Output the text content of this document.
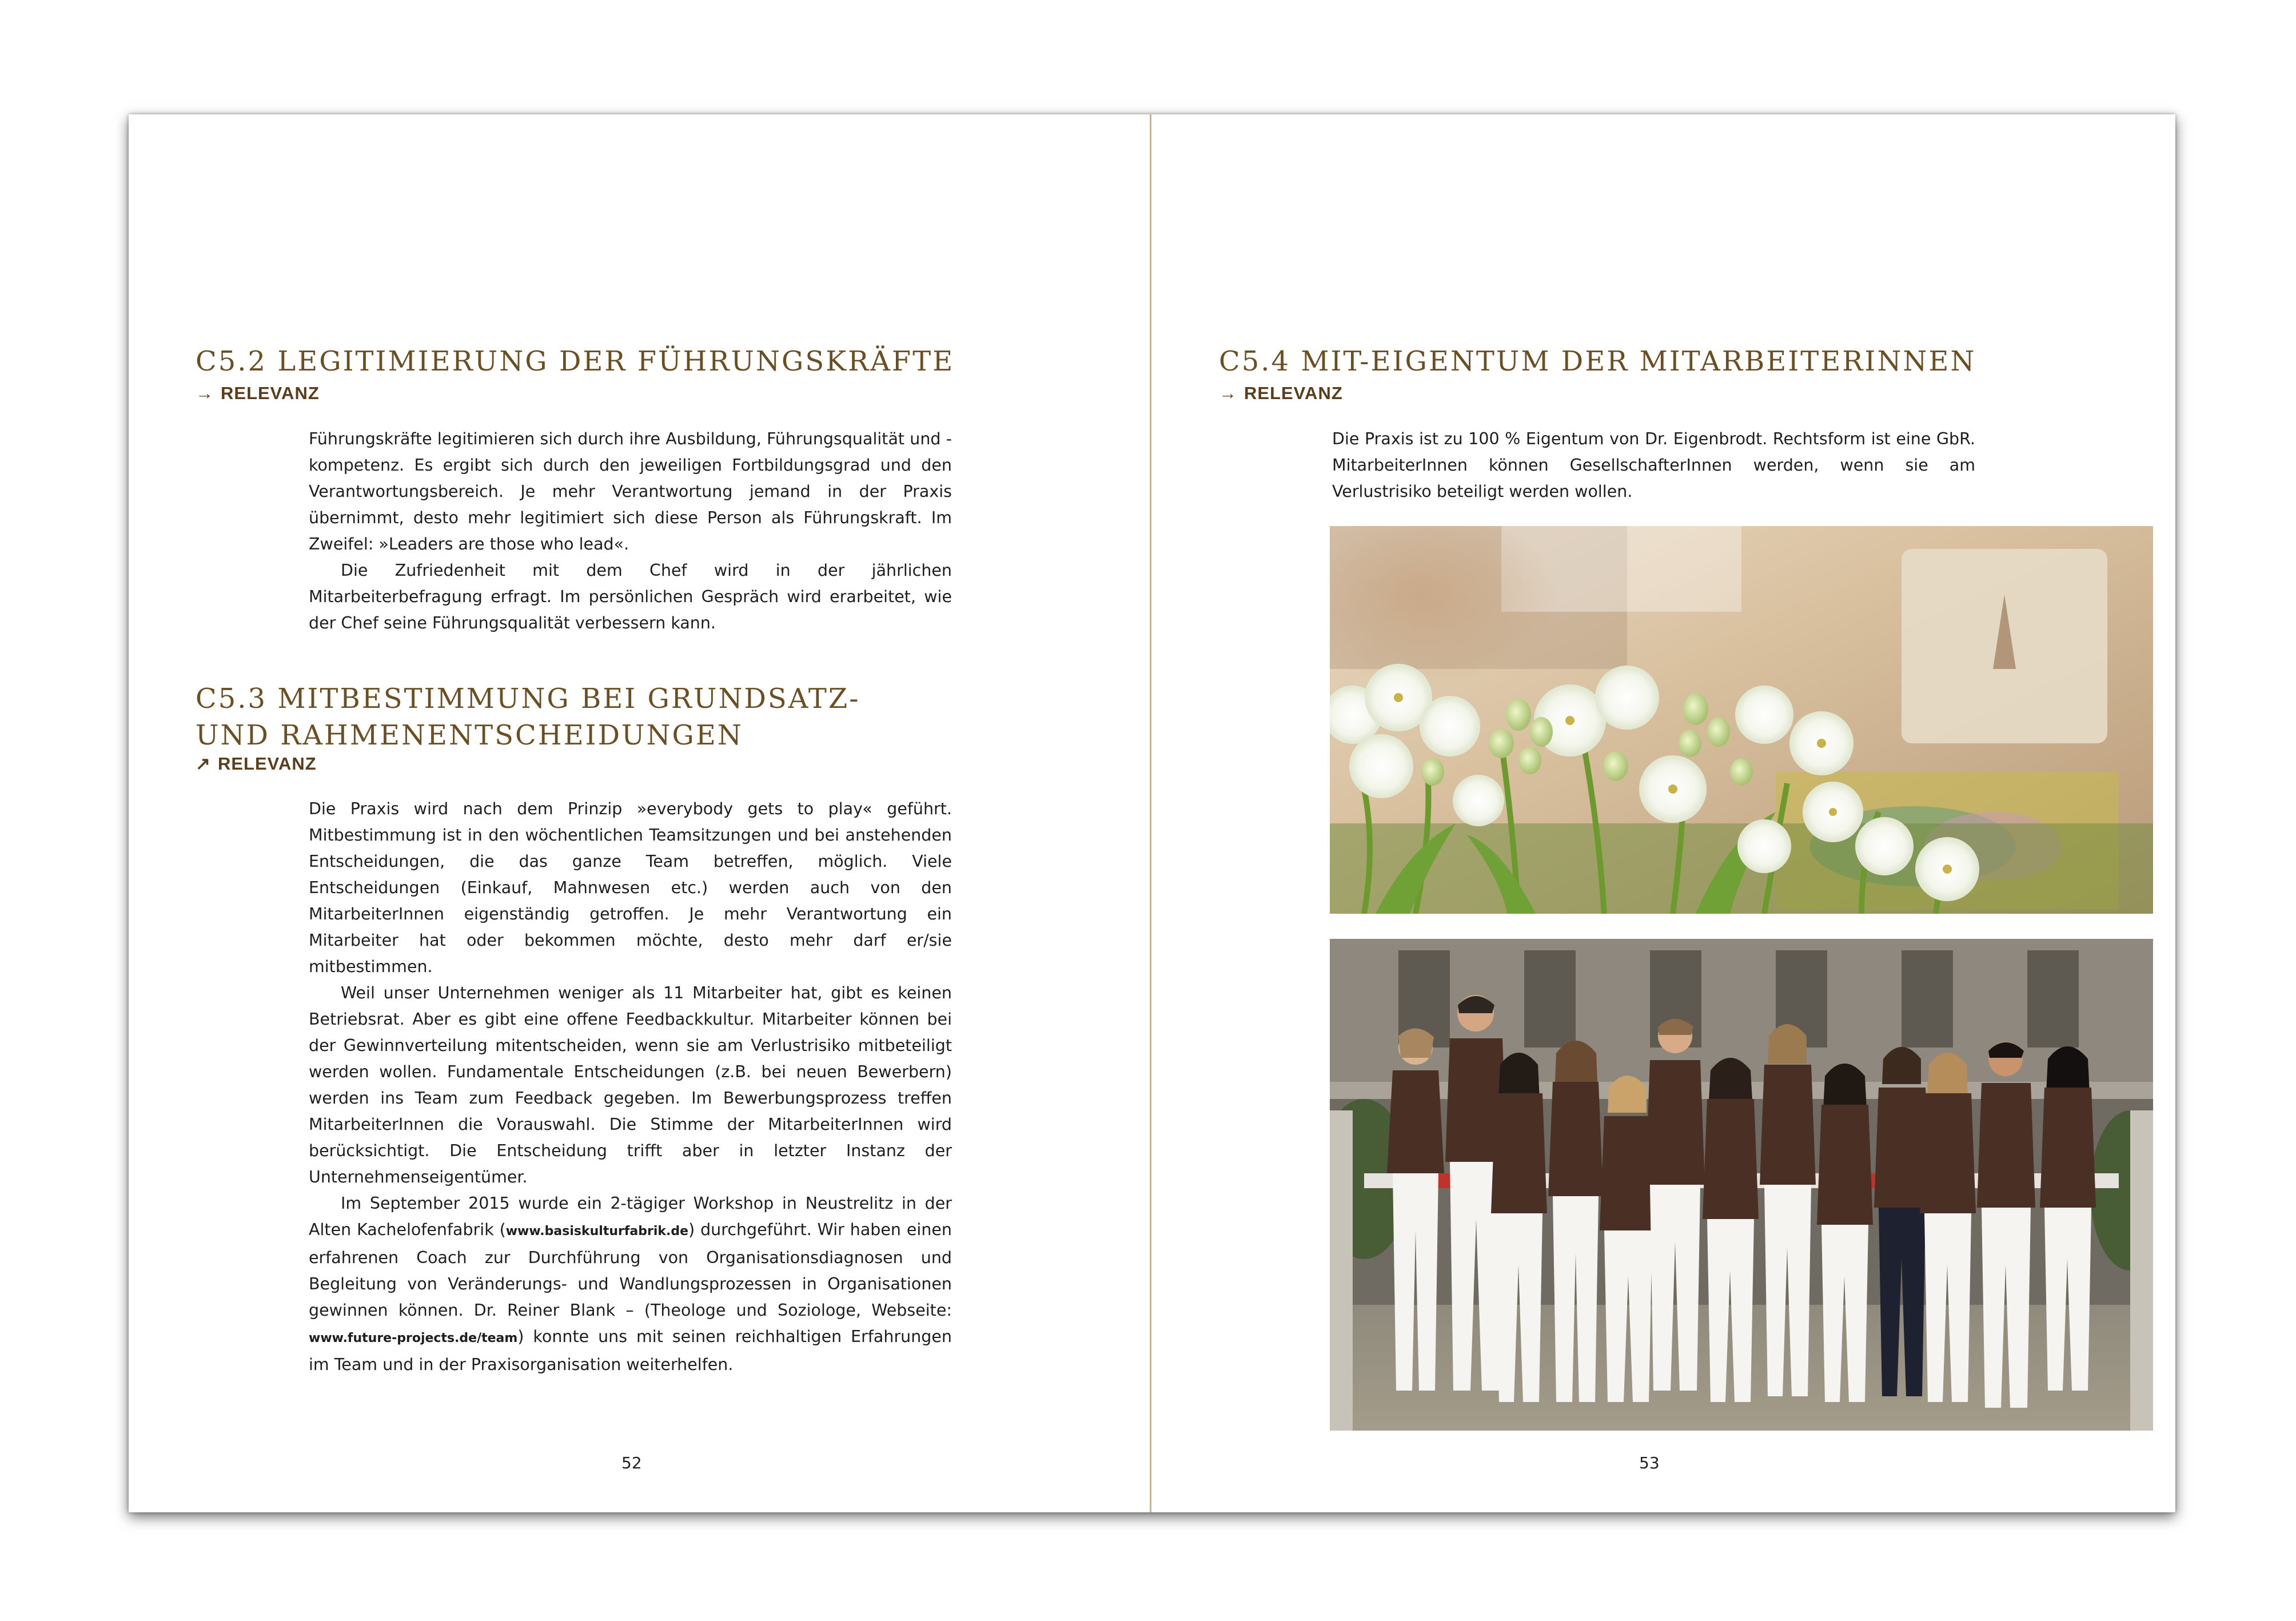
C5.2 LEGITIMIERUNG DER FÜHRUNGSKRÄFTE
→ RELEVANZ

Führungskräfte legitimieren sich durch ihre Ausbildung, Führungsqualität und -kompetenz. Es ergibt sich durch den jeweiligen Fortbildungsgrad und den Verantwortungsbereich. Je mehr Verantwortung jemand in der Praxis übernimmt, desto mehr legitimiert sich diese Person als Führungskraft. Im Zweifel: »Leaders are those who lead«.

Die Zufriedenheit mit dem Chef wird in der jährlichen Mitarbeiterbefragung erfragt. Im persönlichen Gespräch wird erarbeitet, wie der Chef seine Führungsqualität verbessern kann.

C5.3 MITBESTIMMUNG BEI GRUNDSATZ-
UND RAHMENENTSCHEIDUNGEN
↗ RELEVANZ

Die Praxis wird nach dem Prinzip »everybody gets to play« geführt. Mitbestimmung ist in den wöchentlichen Teamsitzungen und bei anstehenden Entscheidungen, die das ganze Team betreffen, möglich. Viele Entscheidungen (Einkauf, Mahnwesen etc.) werden auch von den MitarbeiterInnen eigenständig getroffen. Je mehr Verantwortung ein Mitarbeiter hat oder bekommen möchte, desto mehr darf er/sie mitbestimmen.

Weil unser Unternehmen weniger als 11 Mitarbeiter hat, gibt es keinen Betriebsrat. Aber es gibt eine offene Feedbackkultur. Mitarbeiter können bei der Gewinnverteilung mitentscheiden, wenn sie am Verlustrisiko mitbeteiligt werden wollen. Fundamentale Entscheidungen (z.B. bei neuen Bewerbern) werden ins Team zum Feedback gegeben. Im Bewerbungsprozess treffen MitarbeiterInnen die Vorauswahl. Die Stimme der MitarbeiterInnen wird berücksichtigt. Die Entscheidung trifft aber in letzter Instanz der Unternehmenseigentümer.

Im September 2015 wurde ein 2-tägiger Workshop in Neustrelitz in der Alten Kachelofenfabrik (www.basiskulturfabrik.de) durchgeführt. Wir haben einen erfahrenen Coach zur Durchführung von Organisationsdiagnosen und Begleitung von Veränderungs- und Wandlungsprozessen in Organisationen gewinnen können. Dr. Reiner Blank – (Theologe und Soziologe, Webseite: www.future-projects.de/team) konnte uns mit seinen reichhaltigen Erfahrungen im Team und in der Praxisorganisation weiterhelfen.

52
C5.4 MIT-EIGENTUM DER MITARBEITERINNEN
→ RELEVANZ

Die Praxis ist zu 100 % Eigentum von Dr. Eigenbrodt. Rechtsform ist eine GbR. MitarbeiterInnen können GesellschafterInnen werden, wenn sie am Verlustrisiko beteiligt werden wollen.

53
